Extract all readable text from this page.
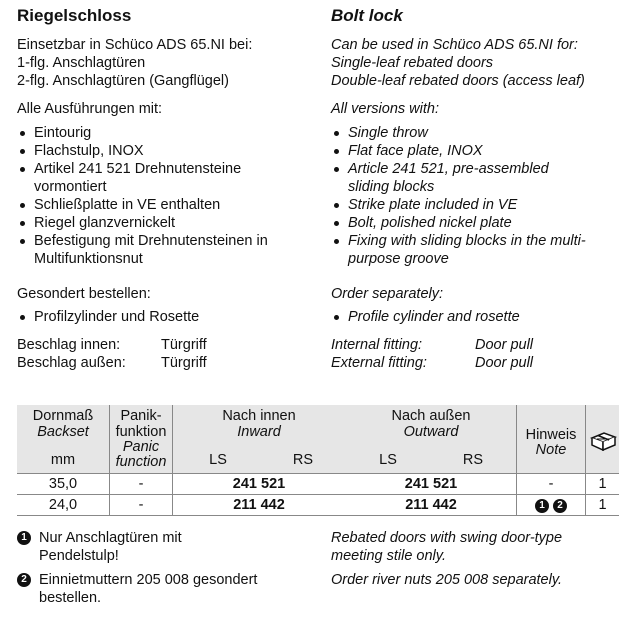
Riegelschloss
Einsetzbar in Schüco ADS 65.NI bei:
1-flg. Anschlagtüren
2-flg. Anschlagtüren (Gangflügel)
Alle Ausführungen mit:
Eintourig
Flachstulp, INOX
Artikel 241 521 Drehnutensteine vormontiert
Schließplatte in VE enthalten
Riegel glanzvernickelt
Befestigung mit Drehnutensteinen in Multifunktionsnut
Gesondert bestellen:
Profilzylinder und Rosette
Beschlag innen:	Türgriff
Beschlag außen:	Türgriff
Bolt lock
Can be used in Schüco ADS 65.NI for:
Single-leaf rebated doors
Double-leaf rebated doors (access leaf)
All versions with:
Single throw
Flat face plate, INOX
Article 241 521, pre-assembled sliding blocks
Strike plate included in VE
Bolt, polished nickel plate
Fixing with sliding blocks in the multi-purpose groove
Order separately:
Profile cylinder and rosette
Internal fitting:	Door pull
External fitting:	Door pull
Dornmaß
Backset
mm
Panik-
funktion
Panic
function
Nach innen
Inward
LS	RS
Nach außen
Outward
LS	RS
Hinweis
Note
35,0	-	241 521	241 521	-	1
24,0	-	211 442	211 442	1 2	1
1 Nur Anschlagtüren mit
Pendelstulp!
Rebated doors with swing door-type
meeting stile only.
2 Einnietmuttern 205 008 gesondert
bestellen.
Order river nuts 205 008 separately.
